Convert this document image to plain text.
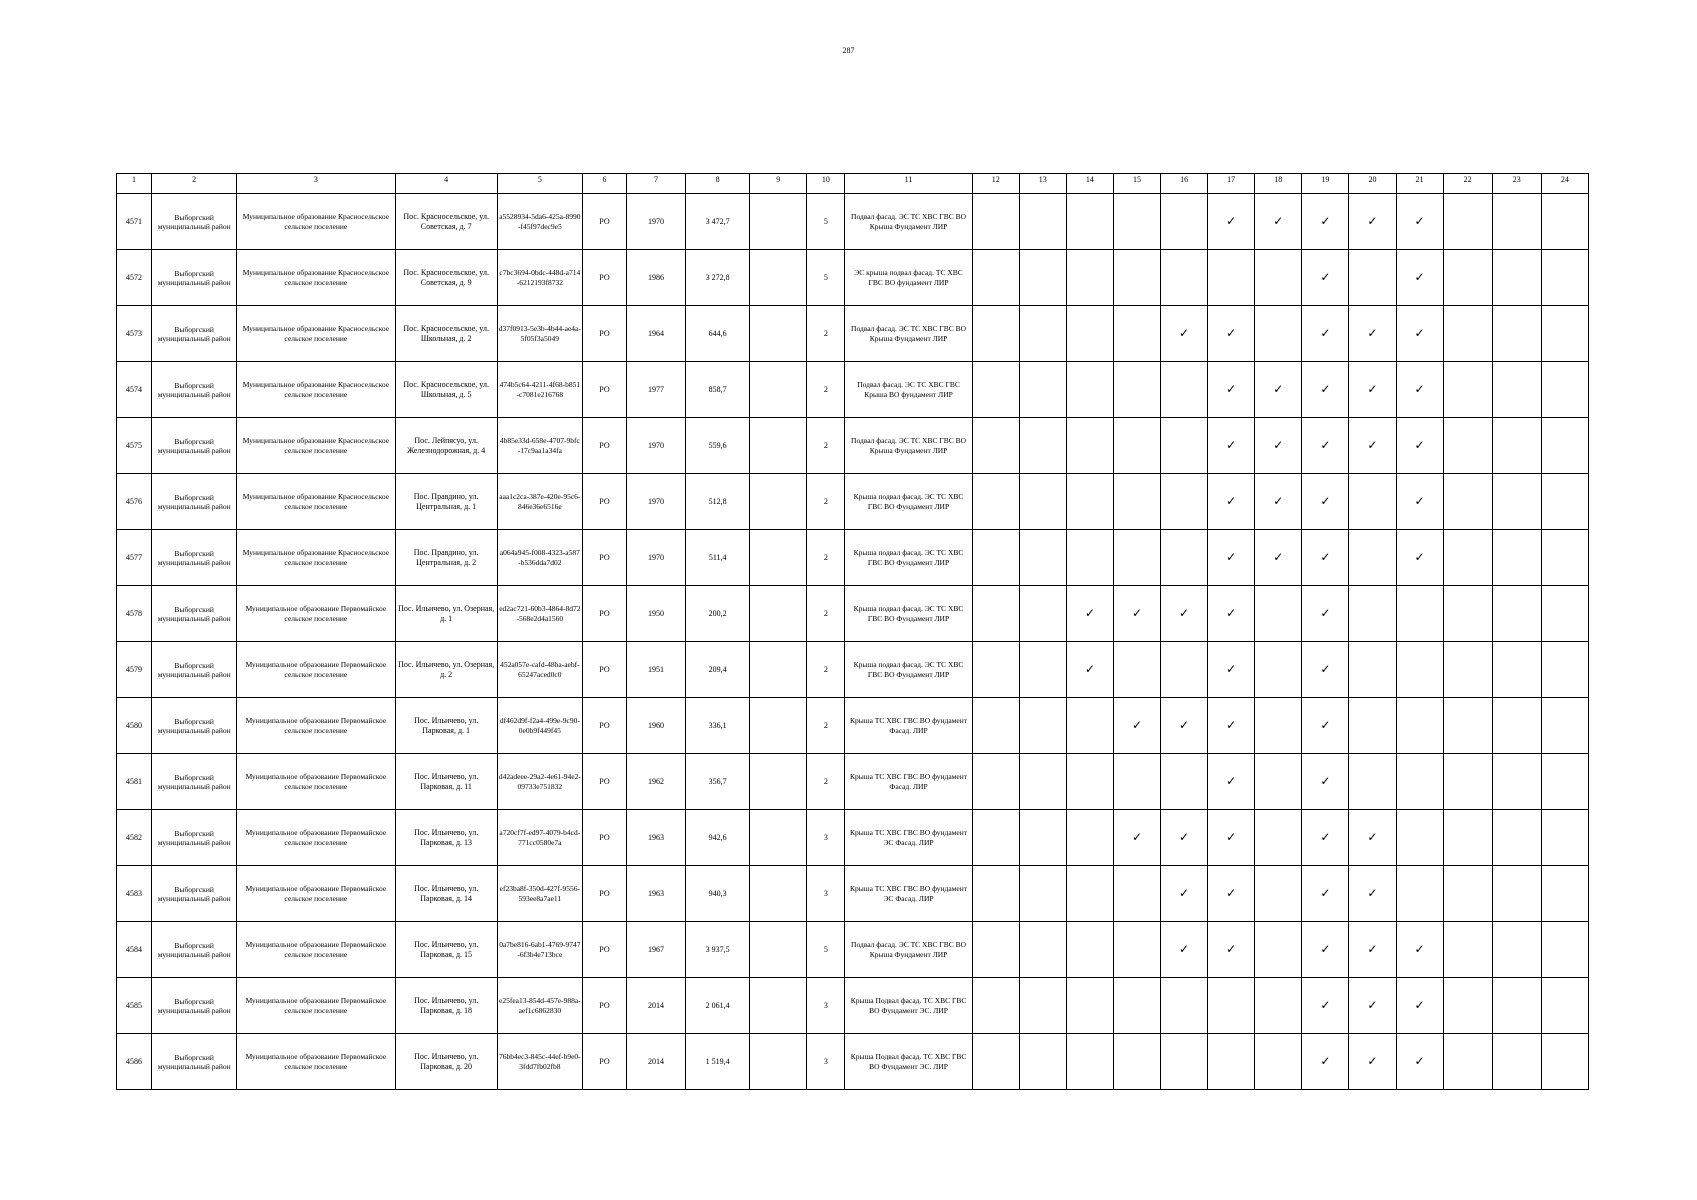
287
1	2	3	4	5	6	7	8	9	10	11	12	13	14	15	16	17	18	19	20	21	22	23	24
4571	Выборгский муниципальный район	Муниципальное образование Красносельское сельское поселение	Пос. Красносельское, ул. Советская, д. 7	a5528934-5da6-425a-8990-f45f97dec9e5	РО	1970	3 472,7		5	Подвал фасад. ЭС ТС ХВС ГВС ВО Крыша Фундамент ЛИР						✓	✓	✓	✓	✓			
4572	Выборгский муниципальный район	Муниципальное образование Красносельское сельское поселение	Пос. Красносельское, ул. Советская, д. 9	c7bc3694-0bdc-448d-a714-6212193f8732	РО	1986	3 272,8		5	ЭС крыша подвал фасад. ТС ХВС ГВС ВО фундамент ЛИР								✓		✓			
4573	Выборгский муниципальный район	Муниципальное образование Красносельское сельское поселение	Пос. Красносельское, ул. Школьная, д. 2	d37f0913-5e3b-4b44-ae4a-5f05f3a5049	РО	1964	644,6		2	Подвал фасад. ЭС ТС ХВС ГВС ВО Крыша Фундамент ЛИР					✓	✓		✓	✓	✓			
4574	Выборгский муниципальный район	Муниципальное образование Красносельское сельское поселение	Пос. Красносельское, ул. Школьная, д. 5	474b5c64-4211-4f68-b851-c7081e216768	РО	1977	858,7		2	Подвал фасад. ЭС ТС ХВС ГВС Крыша ВО фундамент ЛИР						✓	✓	✓	✓	✓			
4575	Выборгский муниципальный район	Муниципальное образование Красносельское сельское поселение	Пос. Лейпясуо, ул. Железнодорожная, д. 4	4b85e33d-658e-4707-9bfc-17c9aa1a34fa	РО	1970	559,6		2	Подвал фасад. ЭС ТС ХВС ГВС ВО Крыша Фундамент ЛИР						✓	✓	✓	✓	✓			
4576	Выборгский муниципальный район	Муниципальное образование Красносельское сельское поселение	Пос. Правдино, ул. Центральная, д. 1	aaa1c2ca-387e-420e-95c6-846e36e6516e	РО	1970	512,8		2	Крыша подвал фасад. ЭС ТС ХВС ГВС ВО Фундамент ЛИР						✓	✓	✓		✓			
4577	Выборгский муниципальный район	Муниципальное образование Красносельское сельское поселение	Пос. Правдино, ул. Центральная, д. 2	a064a945-f008-4323-a587-b536dda7d02	РО	1970	511,4		2	Крыша подвал фасад. ЭС ТС ХВС ГВС ВО Фундамент ЛИР						✓	✓	✓		✓			
4578	Выборгский муниципальный район	Муниципальное образование Первомайское сельское поселение	Пос. Ильичево, ул. Озерная, д. 1	ed2ac721-60b3-4864-8d72-568e2d4a1560	РО	1950	200,2		2	Крыша подвал фасад. ЭС ТС ХВС ГВС ВО Фундамент ЛИР			✓	✓	✓	✓		✓					
4579	Выборгский муниципальный район	Муниципальное образование Первомайское сельское поселение	Пос. Ильичево, ул. Озерная, д. 2	452a057e-cafd-48ba-aebf-65247aced0c0	РО	1951	209,4		2	Крыша подвал фасад. ЭС ТС ХВС ГВС ВО Фундамент ЛИР			✓			✓		✓					
4580	Выборгский муниципальный район	Муниципальное образование Первомайское сельское поселение	Пос. Ильичево, ул. Парковая, д. 1	df462d9f-f2a4-499e-9c90-0e0b9f449f45	РО	1960	336,1		2	Крыша ТС ХВС ГВС ВО фундамент Фасад. ЛИР				✓	✓	✓		✓					
4581	Выборгский муниципальный район	Муниципальное образование Первомайское сельское поселение	Пос. Ильичево, ул. Парковая, д. 11	d42adeee-29a2-4e61-94e2-09733e751832	РО	1962	356,7		2	Крыша ТС ХВС ГВС ВО фундамент Фасад. ЛИР						✓		✓					
4582	Выборгский муниципальный район	Муниципальное образование Первомайское сельское поселение	Пос. Ильичево, ул. Парковая, д. 13	a720cf7f-ed97-4079-b4cd-771cc0580e7a	РО	1963	942,6		3	Крыша ТС ХВС ГВС ВО фундамент ЭС Фасад. ЛИР				✓	✓	✓		✓	✓				
4583	Выборгский муниципальный район	Муниципальное образование Первомайское сельское поселение	Пос. Ильичево, ул. Парковая, д. 14	ef23ba8f-350d-427f-9556-593ee8a7ae11	РО	1963	940,3		3	Крыша ТС ХВС ГВС ВО фундамент ЭС Фасад. ЛИР					✓	✓		✓	✓				
4584	Выборгский муниципальный район	Муниципальное образование Первомайское сельское поселение	Пос. Ильичево, ул. Парковая, д. 15	0a7be816-6ab1-4769-9747-6f3b4e713bce	РО	1967	3 937,5		5	Подвал фасад. ЭС ТС ХВС ГВС ВО Крыша Фундамент ЛИР					✓	✓		✓	✓	✓			
4585	Выборгский муниципальный район	Муниципальное образование Первомайское сельское поселение	Пос. Ильичево, ул. Парковая, д. 18	e25fea13-854d-457e-988a-aef1c6862830	РО	2014	2 061,4		3	Крыша Подвал фасад. ТС ХВС ГВС ВО Фундамент ЭС. ЛИР								✓	✓	✓			
4586	Выборгский муниципальный район	Муниципальное образование Первомайское сельское поселение	Пос. Ильичево, ул. Парковая, д. 20	76bb4ec3-845c-44ef-b9e0-3fdd7fb02fb8	РО	2014	1 519,4		3	Крыша Подвал фасад. ТС ХВС ГВС ВО Фундамент ЭС. ЛИР								✓	✓	✓			
